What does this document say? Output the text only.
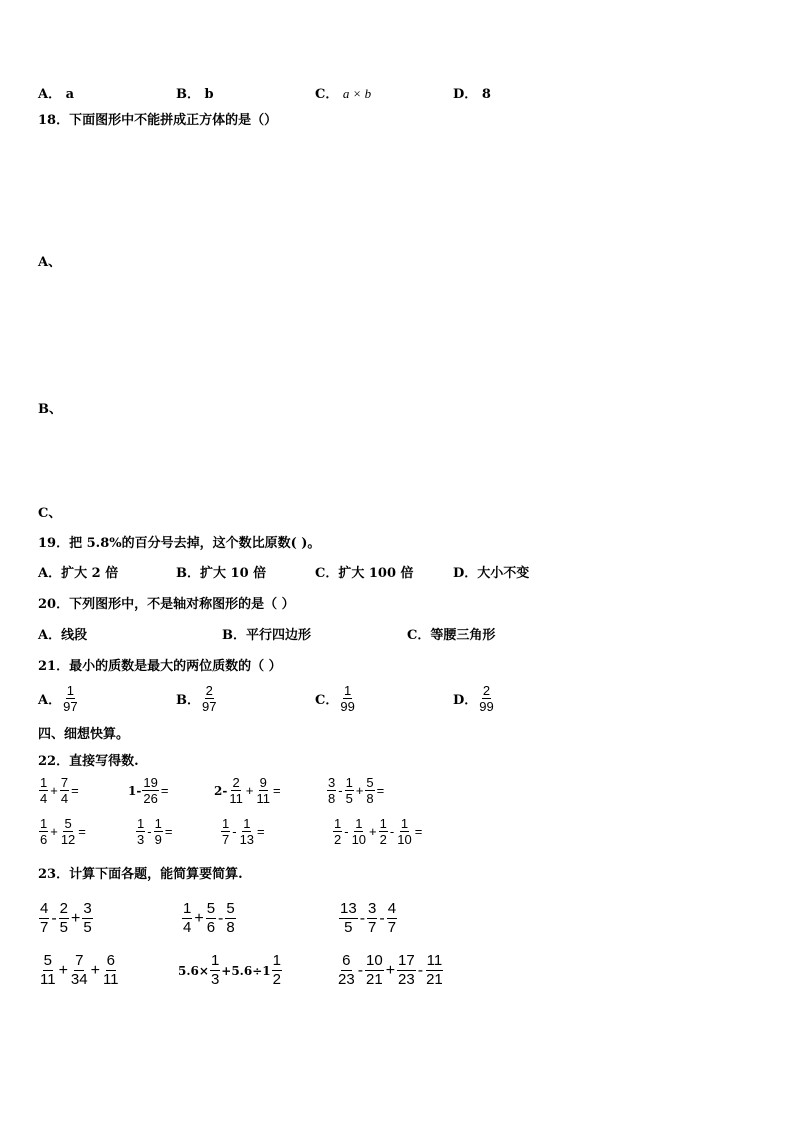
A． a	B． b	C． a × b	D． 8
18．下面图形中不能拼成正方体的是（）
A、
B、
C、
19．把 5.8%的百分号去掉，这个数比原数( )。
A．扩大 2 倍	B．扩大 10 倍	C．扩大 100 倍	D．大小不变
20．下列图形中，不是轴对称图形的是（ ）
A．线段	B．平行四边形	C．等腰三角形
21．最小的质数是最大的两位质数的（ ）
A． $\frac{1}{97}$	B． $\frac{2}{97}$	C． $\frac{1}{99}$	D． $\frac{2}{99}$
四、细想快算。
22．直接写得数.
$\frac{1}{4} + \frac{7}{4}$ =	$1- \frac{19}{26}$ =	$2- \frac{2}{11} + \frac{9}{11}$ =	$\frac{3}{8} - \frac{1}{5} + \frac{5}{8}$ =
$\frac{1}{6} + \frac{5}{12}$ =	$\frac{1}{3} - \frac{1}{9}$ =	$\frac{1}{7} - \frac{1}{13}$ =	$\frac{1}{2} - \frac{1}{10} + \frac{1}{2} - \frac{1}{10}$ =
23．计算下面各题，能简算要简算.
$\frac{4}{7} - \frac{2}{5} + \frac{3}{5}$	$\frac{1}{4} + \frac{5}{6} - \frac{5}{8}$	$\frac{13}{5} - \frac{3}{7} - \frac{4}{7}$
$\frac{5}{11} + \frac{7}{34} + \frac{6}{11}$	$5.6\times \frac{1}{3} +5.6\div 1 \frac{1}{2}$	$\frac{6}{23} - \frac{10}{21} + \frac{17}{23} - \frac{11}{21}$
